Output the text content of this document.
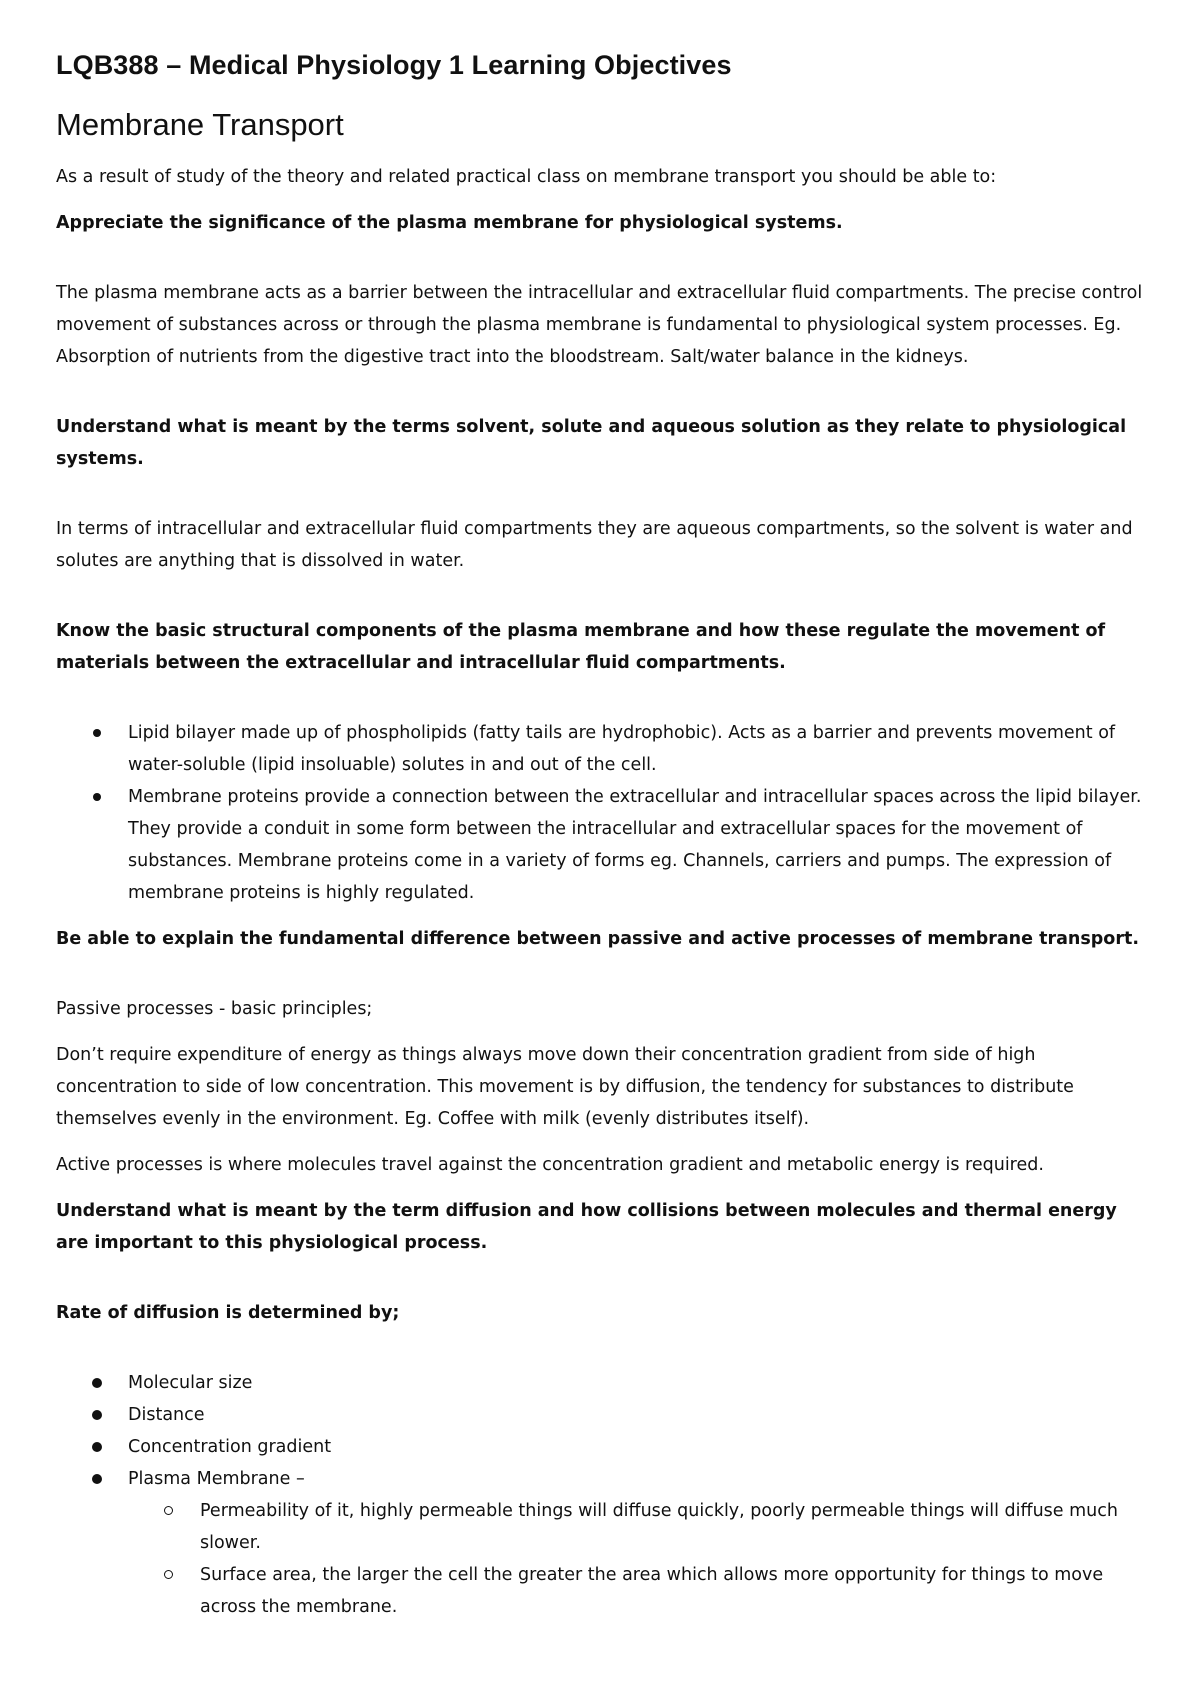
LQB388 – Medical Physiology 1 Learning Objectives
Membrane Transport

As a result of study of the theory and related practical class on membrane transport you should be able to:

Appreciate the significance of the plasma membrane for physiological systems.

The plasma membrane acts as a barrier between the intracellular and extracellular fluid compartments. The precise control movement of substances across or through the plasma membrane is fundamental to physiological system processes. Eg. Absorption of nutrients from the digestive tract into the bloodstream. Salt/water balance in the kidneys.

Understand what is meant by the terms solvent, solute and aqueous solution as they relate to physiological systems.

In terms of intracellular and extracellular fluid compartments they are aqueous compartments, so the solvent is water and solutes are anything that is dissolved in water.

Know the basic structural components of the plasma membrane and how these regulate the movement of materials between the extracellular and intracellular fluid compartments.

Lipid bilayer made up of phospholipids (fatty tails are hydrophobic). Acts as a barrier and prevents movement of water-soluble (lipid insoluable) solutes in and out of the cell.
Membrane proteins provide a connection between the extracellular and intracellular spaces across the lipid bilayer. They provide a conduit in some form between the intracellular and extracellular spaces for the movement of substances. Membrane proteins come in a variety of forms eg. Channels, carriers and pumps. The expression of membrane proteins is highly regulated.

Be able to explain the fundamental difference between passive and active processes of membrane transport.

Passive processes - basic principles;

Don’t require expenditure of energy as things always move down their concentration gradient from side of high concentration to side of low concentration. This movement is by diffusion, the tendency for substances to distribute themselves evenly in the environment. Eg. Coffee with milk (evenly distributes itself).

Active processes is where molecules travel against the concentration gradient and metabolic energy is required.

Understand what is meant by the term diffusion and how collisions between molecules and thermal energy are important to this physiological process.

Rate of diffusion is determined by;

Molecular size
Distance
Concentration gradient
Plasma Membrane –
Permeability of it, highly permeable things will diffuse quickly, poorly permeable things will diffuse much slower.
Surface area, the larger the cell the greater the area which allows more opportunity for things to move across the membrane.
